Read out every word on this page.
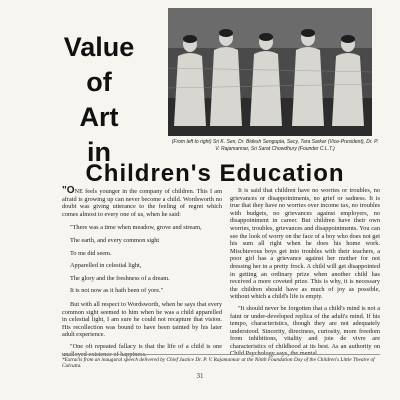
Value
of
Art
in	(From left to right) Sri K. Sen, Dr. Bidesh Sengupta, Secy, Tara Sarkar (Vice-President), Dr. P. V. Rajamannar, Sri Sarat Chowdhury (Founder C.L.T.)
Children's Education

"ONE feels younger in the company of children. This I am afraid is growing up can never become a child. Wordsworth no doubt was giving utterance to the feeling of regret which comes almost to every one of us, when he said:

"There was a time when meadow, grove and stream,
The earth, and every common sight
To me did seem.
Apparelled in celestial light,
The glory and the freshness of a dream.
It is not now as it hath been of yore."

But with all respect to Wordsworth, when he says that every common sight seemed to him when he was a child apparelled in celestial light, I am sure he could not recapture that vision. His recollection was bound to have been tainted by his later adult experience.

"One oft repeated fallacy is that the life of a child is one unalloyed existence of happiness.

It is said that children have no worries or troubles, no grievances or disappointments, no grief or sadness. It is true that they have no worries over income tax, no troubles with budgets, no grievances against employers, no disappointment in career. But children have their own worries, troubles, grievances and disappointments. You can see the look of worry on the face of a boy who does not get his sum all right when he does his home work. Mischievous boys get into troubles with their teachers, a poor girl has a grievance against her mother for not dressing her in a pretty frock. A child will get disappointed in getting an ordinary prize when another child has received a more coveted prize. This is why, it is necessary the children should have as much of joy as possible, without which a child's life is empty.

"It should never be forgotten that a child's mind is not a faint or under-developed replica of the adult's mind. If his tempo, characteristics, though they are not adequately understood. Sincerity, directness, curiosity, more freedom from inhibitions, vitality and joie de vivre are characteristics of childhood at its best. As an authority on Child Psychology says, the mental

*Extracts from an inaugural speech delivered by Chief Justice Dr. P. V. Rajamannar at the Ninth Foundation Day of the Children's Little Theatre of Calcutta.
31
